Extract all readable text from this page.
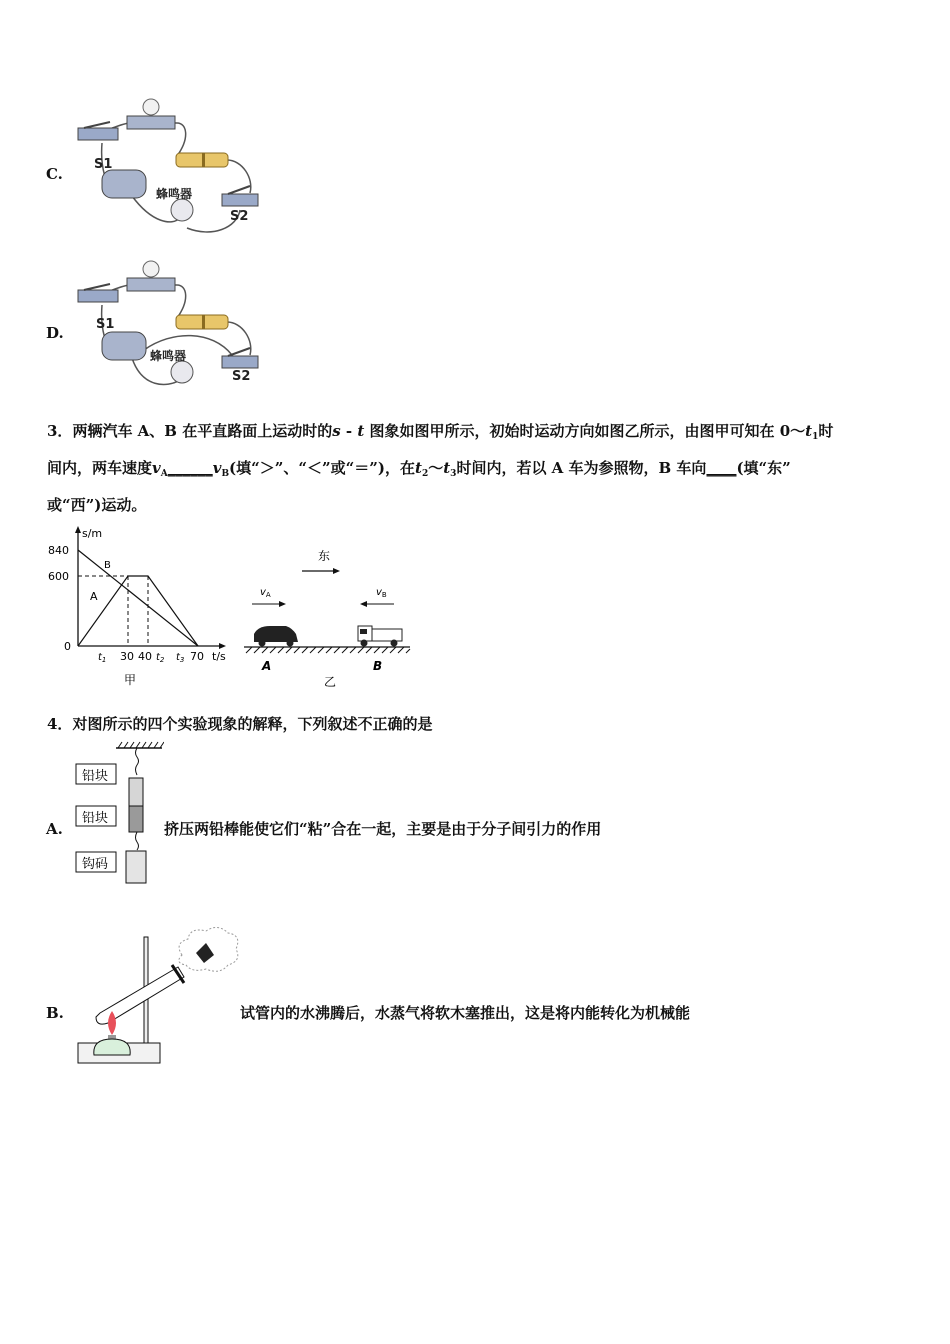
C.
S1
蜂鸣器
S2
D. S1
蜂鸣器
S2
3．两辆汽车 A、B 在平直路面上运动时的s - t 图象如图甲所示，初始时运动方向如图乙所示，由图甲可知在 $0\sim t_1$时
间内，两车速度$v_A\_\_\_\_\_\_v_B$(填“＞”、“＜”或“＝”)，在$t_2\sim t_3$时间内，若以 A 车为参照物，B 车向____(填“东”
或“西”)运动。
s/m
840
600
0
B
A
$t_1$ 30 40 $t_2$ $t_3$ 70 t/s
甲
东
$v_A$	$v_B$
A	B
乙
4．对图所示的四个实验现象的解释，下列叙述不正确的是
A.
铅块
铅块
钩码
挤压两铅棒能使它们“粘”合在一起，主要是由于分子间引力的作用
B.	试管内的水沸腾后，水蒸气将软木塞推出，这是将内能转化为机械能
